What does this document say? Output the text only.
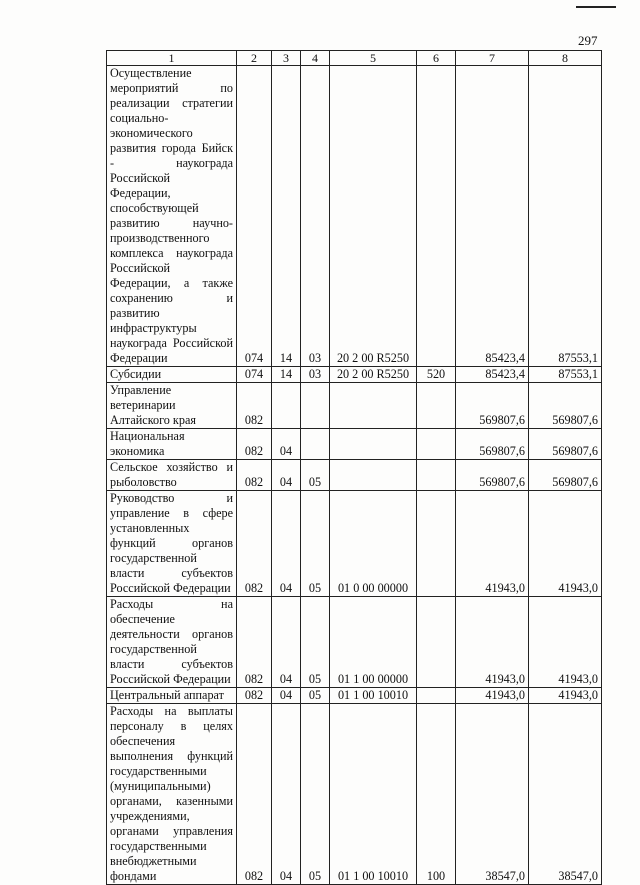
297
1	2	3	4	5	6	7	8
Осуществление мероприятий по реализации стратегии социально-экономического развития города Бийск - наукограда Российской Федерации, способствующей развитию научно-производственного комплекса наукограда Российской Федерации, а также сохранению и развитию инфраструктуры наукограда Российской Федерации	074	14	03	20 2 00 R5250		85423,4	87553,1
Субсидии	074	14	03	20 2 00 R5250	520	85423,4	87553,1
Управление ветеринарии Алтайского края	082					569807,6	569807,6
Национальная экономика	082	04				569807,6	569807,6
Сельское хозяйство и рыболовство	082	04	05			569807,6	569807,6
Руководство и управление в сфере установленных функций органов государственной власти субъектов Российской Федерации	082	04	05	01 0 00 00000		41943,0	41943,0
Расходы на обеспечение деятельности органов государственной власти субъектов Российской Федерации	082	04	05	01 1 00 00000		41943,0	41943,0
Центральный аппарат	082	04	05	01 1 00 10010		41943,0	41943,0
Расходы на выплаты персоналу в целях обеспечения выполнения функций государственными (муниципальными) органами, казенными учреждениями, органами управления государственными внебюджетными фондами	082	04	05	01 1 00 10010	100	38547,0	38547,0
